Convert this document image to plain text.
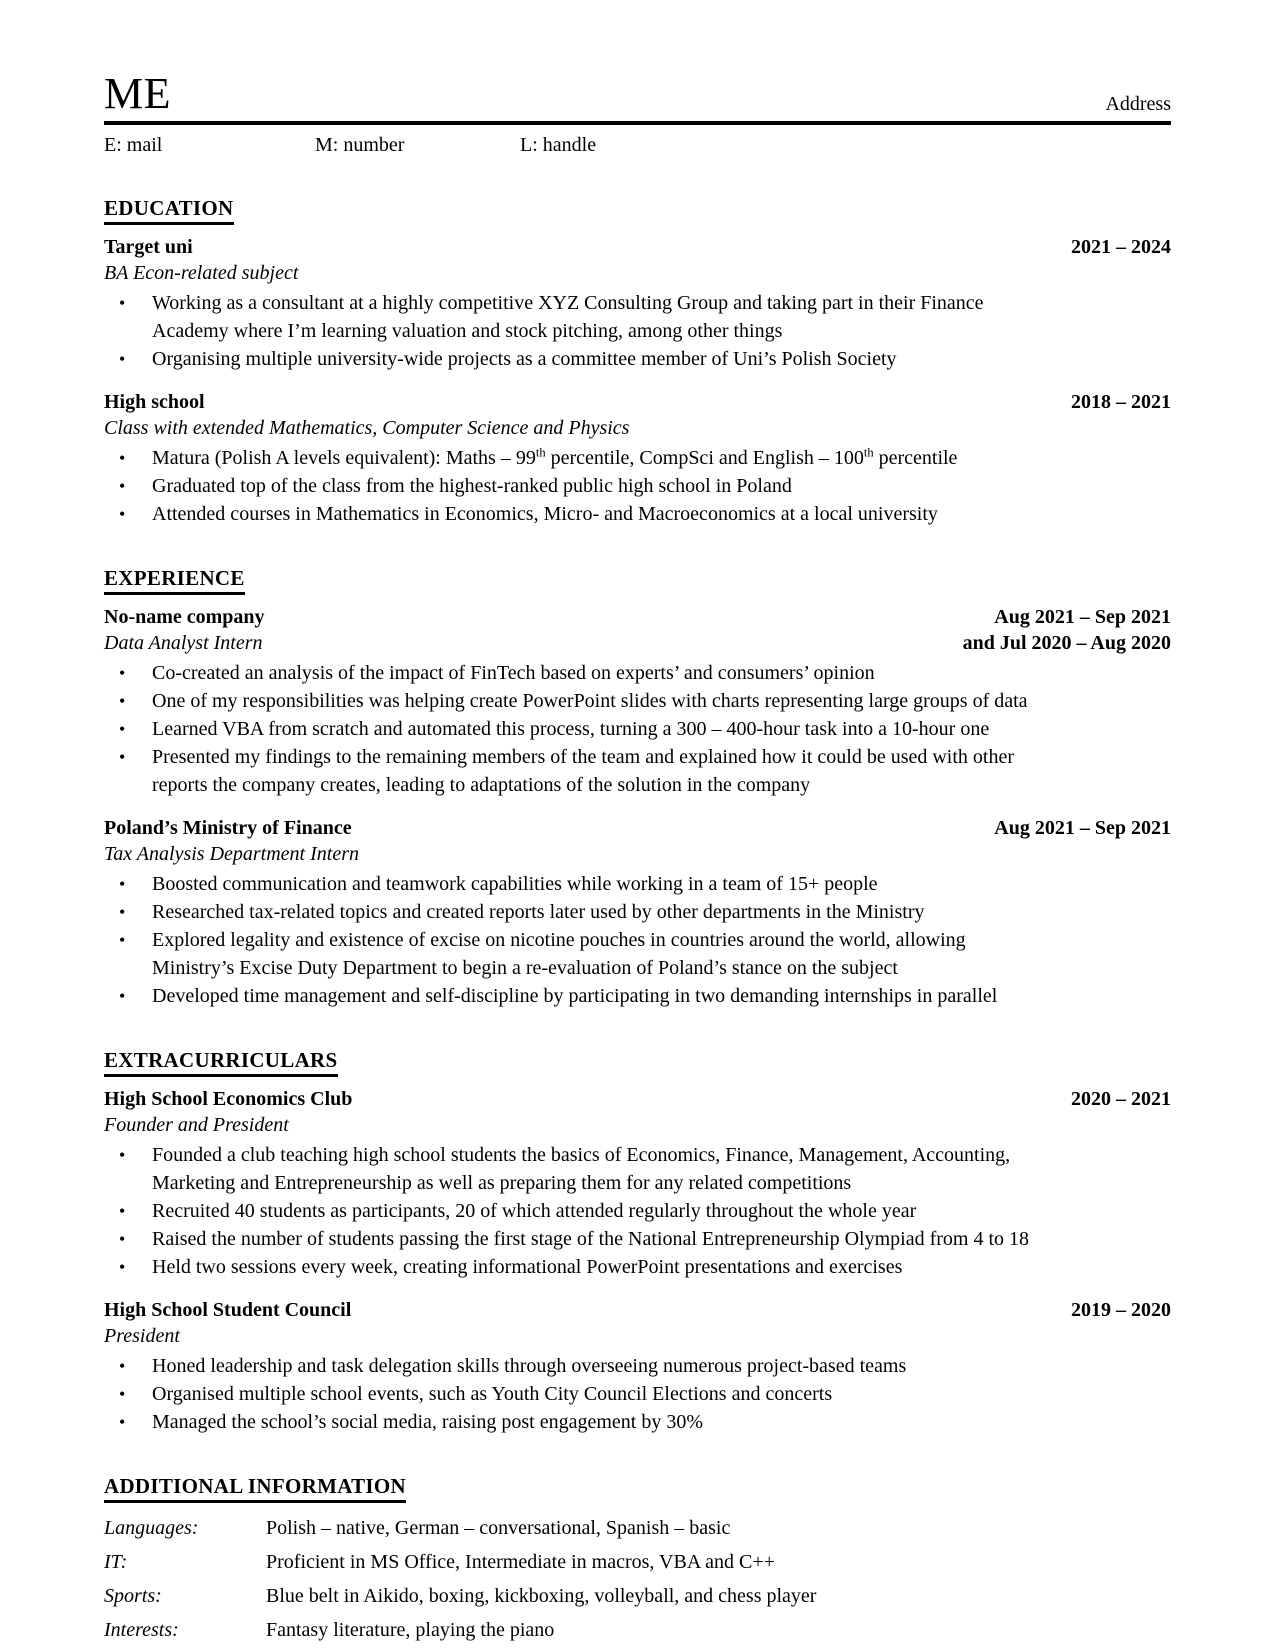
ME	Address
E: mail	M: number	L: handle
EDUCATION
Target uni	2021 – 2024
BA Econ-related subject
• Working as a consultant at a highly competitive XYZ Consulting Group and taking part in their Finance
Academy where I’m learning valuation and stock pitching, among other things
• Organising multiple university-wide projects as a committee member of Uni’s Polish Society
High school	2018 – 2021
Class with extended Mathematics, Computer Science and Physics
• Matura (Polish A levels equivalent): Maths – 99th percentile, CompSci and English – 100th percentile
• Graduated top of the class from the highest-ranked public high school in Poland
• Attended courses in Mathematics in Economics, Micro- and Macroeconomics at a local university
EXPERIENCE
No-name company	Aug 2021 – Sep 2021
Data Analyst Intern	and Jul 2020 – Aug 2020
• Co-created an analysis of the impact of FinTech based on experts’ and consumers’ opinion
• One of my responsibilities was helping create PowerPoint slides with charts representing large groups of data
• Learned VBA from scratch and automated this process, turning a 300 – 400-hour task into a 10-hour one
• Presented my findings to the remaining members of the team and explained how it could be used with other
reports the company creates, leading to adaptations of the solution in the company
Poland’s Ministry of Finance	Aug 2021 – Sep 2021
Tax Analysis Department Intern
• Boosted communication and teamwork capabilities while working in a team of 15+ people
• Researched tax-related topics and created reports later used by other departments in the Ministry
• Explored legality and existence of excise on nicotine pouches in countries around the world, allowing
Ministry’s Excise Duty Department to begin a re-evaluation of Poland’s stance on the subject
• Developed time management and self-discipline by participating in two demanding internships in parallel
EXTRACURRICULARS
High School Economics Club	2020 – 2021
Founder and President
• Founded a club teaching high school students the basics of Economics, Finance, Management, Accounting,
Marketing and Entrepreneurship as well as preparing them for any related competitions
• Recruited 40 students as participants, 20 of which attended regularly throughout the whole year
• Raised the number of students passing the first stage of the National Entrepreneurship Olympiad from 4 to 18
• Held two sessions every week, creating informational PowerPoint presentations and exercises
High School Student Council	2019 – 2020
President
• Honed leadership and task delegation skills through overseeing numerous project-based teams
• Organised multiple school events, such as Youth City Council Elections and concerts
• Managed the school’s social media, raising post engagement by 30%
ADDITIONAL INFORMATION
Languages:	Polish – native, German – conversational, Spanish – basic
IT:	Proficient in MS Office, Intermediate in macros, VBA and C++
Sports:	Blue belt in Aikido, boxing, kickboxing, volleyball, and chess player
Interests:	Fantasy literature, playing the piano
